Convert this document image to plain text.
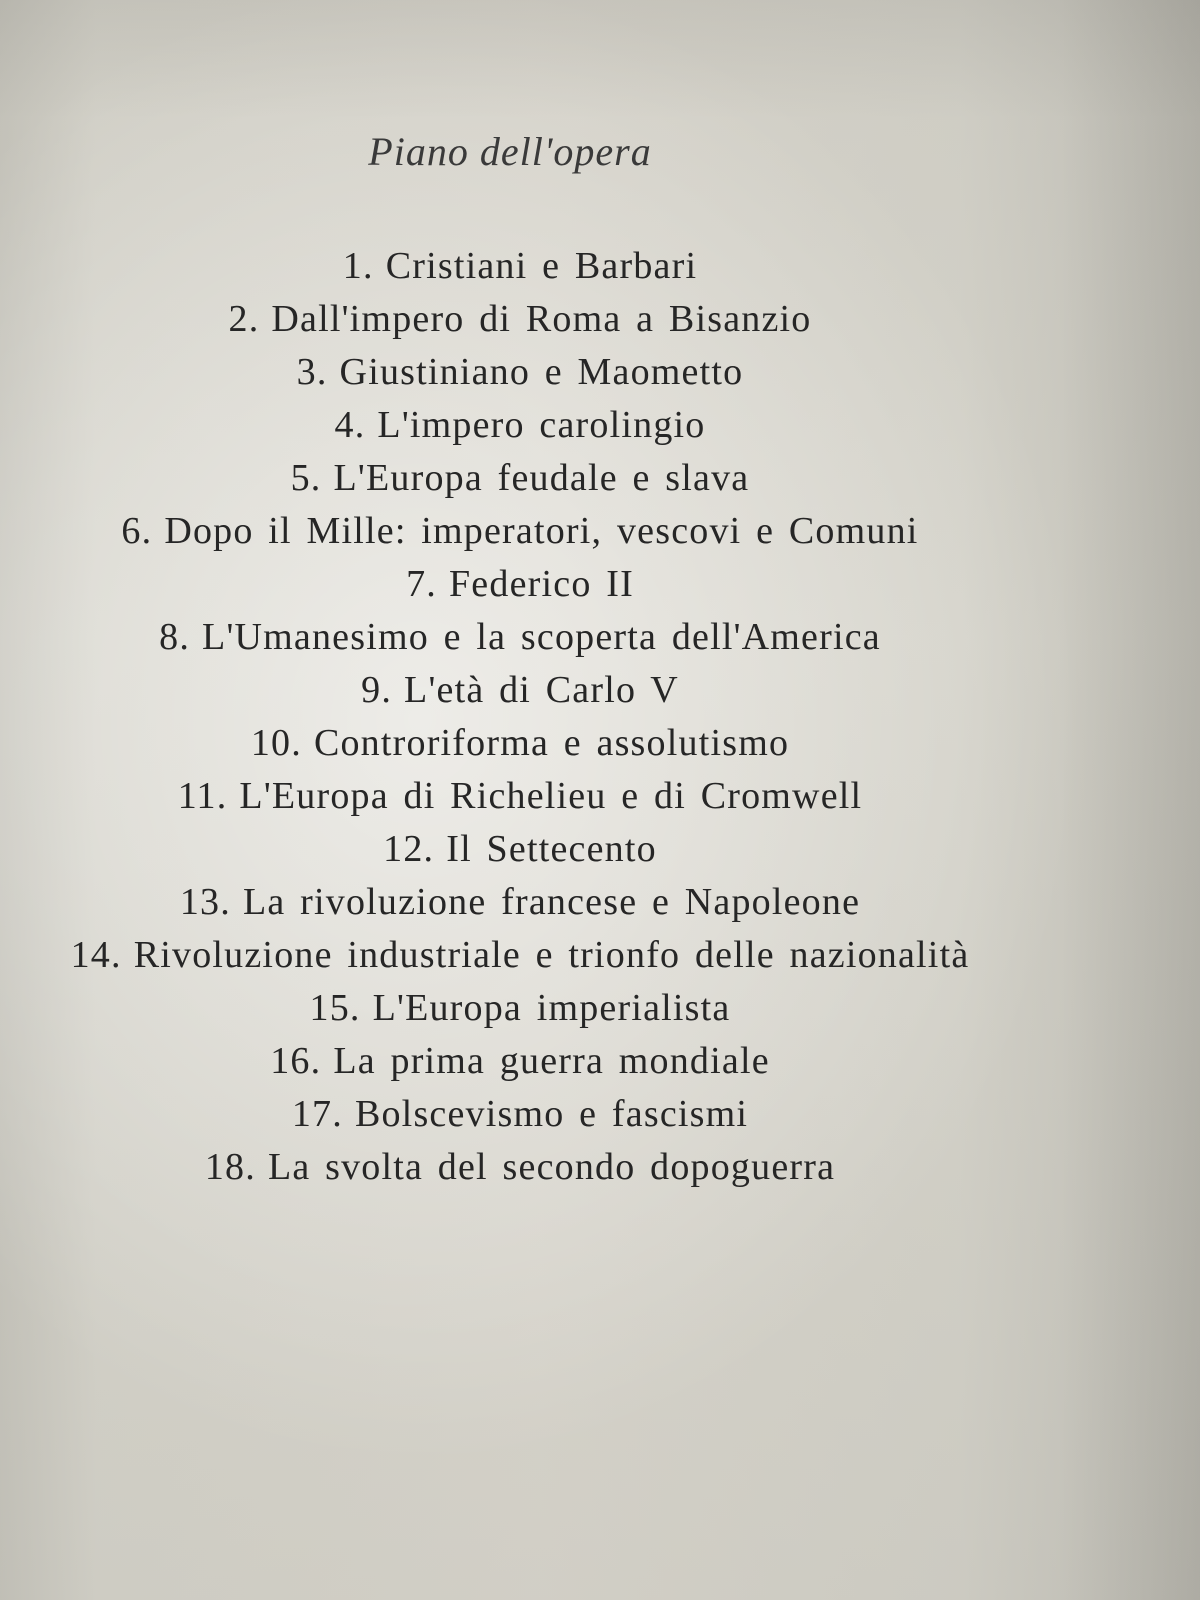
Piano dell'opera
1. Cristiani e Barbari
2. Dall'impero di Roma a Bisanzio
3. Giustiniano e Maometto
4. L'impero carolingio
5. L'Europa feudale e slava
6. Dopo il Mille: imperatori, vescovi e Comuni
7. Federico II
8. L'Umanesimo e la scoperta dell'America
9. L'età di Carlo V
10. Controriforma e assolutismo
11. L'Europa di Richelieu e di Cromwell
12. Il Settecento
13. La rivoluzione francese e Napoleone
14. Rivoluzione industriale e trionfo delle nazionalità
15. L'Europa imperialista
16. La prima guerra mondiale
17. Bolscevismo e fascismi
18. La svolta del secondo dopoguerra
